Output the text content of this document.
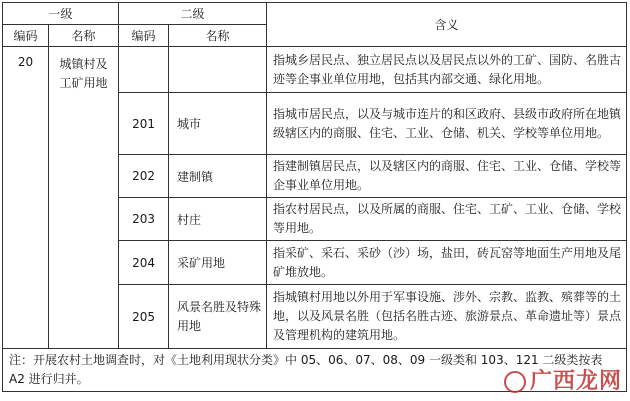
一级		二级		含义
编码	名称	编码	名称	
20	城镇村及工矿用地			指城乡居民点、独立居民点以及居民点以外的工矿、国防、名胜古迹等企事业单位用地，包括其内部交通、绿化用地。
		201	城市	指城市居民点，以及与城市连片的和区政府、县级市政府所在地镇级辖区内的商服、住宅、工业、仓储、机关、学校等单位用地。
		202	建制镇	指建制镇居民点，以及辖区内的商服、住宅、工业、仓储、学校等企事业单位用地。
		203	村庄	指农村居民点，以及所属的商服、住宅、工矿、工业、仓储、学校等用地。
		204	采矿用地	指采矿、采石、采砂（沙）场，盐田，砖瓦窑等地面生产用地及尾矿堆放地。
		205	风景名胜及特殊用地	指城镇村用地以外用于军事设施、涉外、宗教、监教、殡葬等的土地，以及风景名胜（包括名胜古迹、旅游景点、革命遗址等）景点及管理机构的建筑用地。
注：开展农村土地调查时，对《土地利用现状分类》中 05、06、07、08、09 一级类和 103、121 二级类按表 A2 进行归并。					广西龙网
